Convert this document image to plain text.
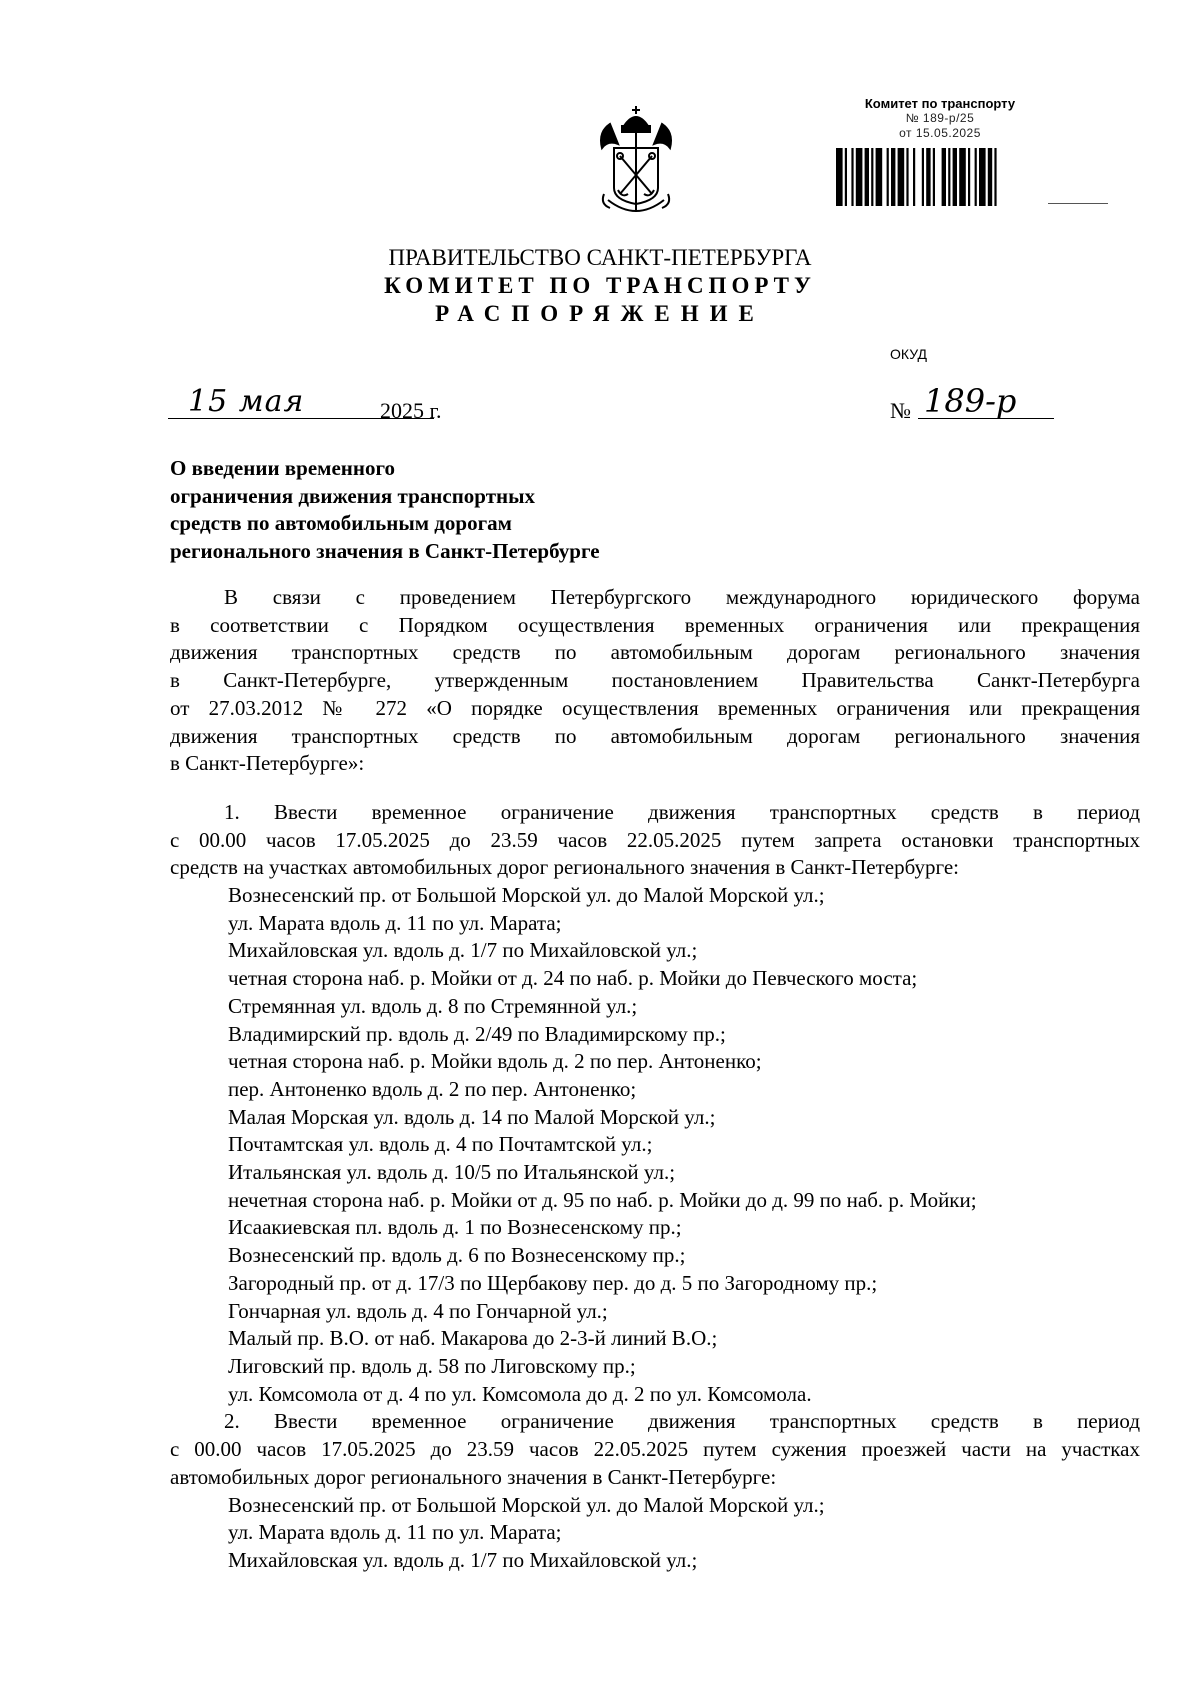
Комитет по транспорту
№ 189-р/25
от 15.05.2025
ПРАВИТЕЛЬСТВО САНКТ-ПЕТЕРБУРГА
КОМИТЕТ ПО ТРАНСПОРТУ
РАСПОРЯЖЕНИЕ
ОКУД
15 мая	2025 г.	№ 189-р
О введении временного
ограничения движения транспортных
средств по автомобильным дорогам
регионального значения в Санкт-Петербурге
В связи с проведением Петербургского международного юридического форума
в соответствии с Порядком осуществления временных ограничения или прекращения
движения транспортных средств по автомобильным дорогам регионального значения
в Санкт-Петербурге, утвержденным постановлением Правительства Санкт-Петербурга
от 27.03.2012 № 272 «О порядке осуществления временных ограничения или прекращения
движения транспортных средств по автомобильным дорогам регионального значения
в Санкт-Петербурге»:
1. Ввести временное ограничение движения транспортных средств в период
с 00.00 часов 17.05.2025 до 23.59 часов 22.05.2025 путем запрета остановки транспортных
средств на участках автомобильных дорог регионального значения в Санкт-Петербурге:
Вознесенский пр. от Большой Морской ул. до Малой Морской ул.;
ул. Марата вдоль д. 11 по ул. Марата;
Михайловская ул. вдоль д. 1/7 по Михайловской ул.;
четная сторона наб. р. Мойки от д. 24 по наб. р. Мойки до Певческого моста;
Стремянная ул. вдоль д. 8 по Стремянной ул.;
Владимирский пр. вдоль д. 2/49 по Владимирскому пр.;
четная сторона наб. р. Мойки вдоль д. 2 по пер. Антоненко;
пер. Антоненко вдоль д. 2 по пер. Антоненко;
Малая Морская ул. вдоль д. 14 по Малой Морской ул.;
Почтамтская ул. вдоль д. 4 по Почтамтской ул.;
Итальянская ул. вдоль д. 10/5 по Итальянской ул.;
нечетная сторона наб. р. Мойки от д. 95 по наб. р. Мойки до д. 99 по наб. р. Мойки;
Исаакиевская пл. вдоль д. 1 по Вознесенскому пр.;
Вознесенский пр. вдоль д. 6 по Вознесенскому пр.;
Загородный пр. от д. 17/3 по Щербакову пер. до д. 5 по Загородному пр.;
Гончарная ул. вдоль д. 4 по Гончарной ул.;
Малый пр. В.О. от наб. Макарова до 2-3-й линий В.О.;
Лиговский пр. вдоль д. 58 по Лиговскому пр.;
ул. Комсомола от д. 4 по ул. Комсомола до д. 2 по ул. Комсомола.
2. Ввести временное ограничение движения транспортных средств в период
с 00.00 часов 17.05.2025 до 23.59 часов 22.05.2025 путем сужения проезжей части на участках
автомобильных дорог регионального значения в Санкт-Петербурге:
Вознесенский пр. от Большой Морской ул. до Малой Морской ул.;
ул. Марата вдоль д. 11 по ул. Марата;
Михайловская ул. вдоль д. 1/7 по Михайловской ул.;
